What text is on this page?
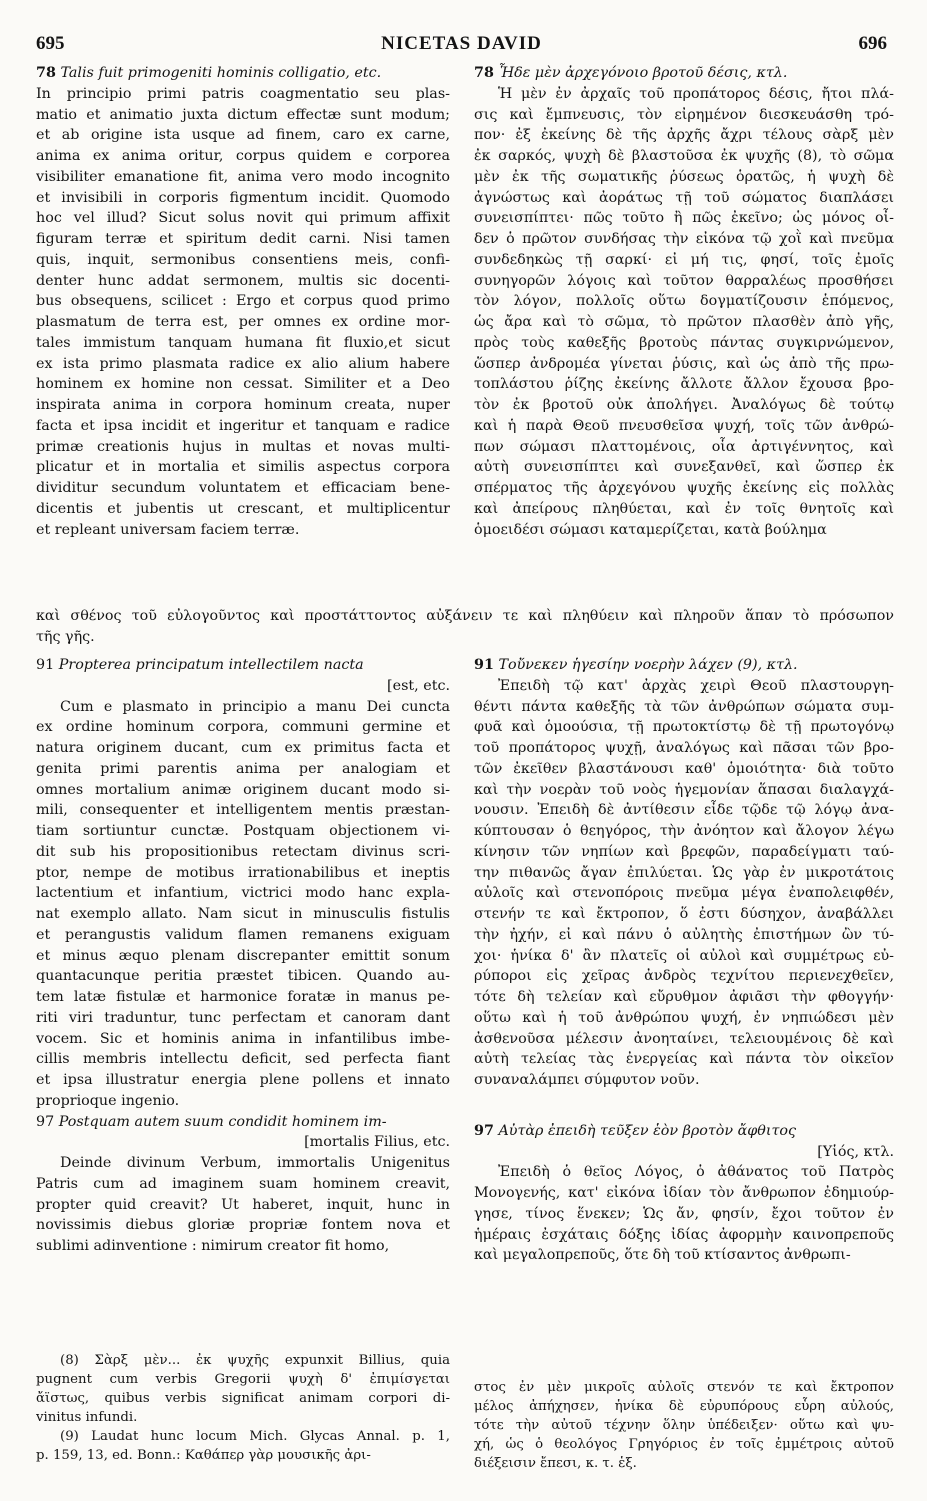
695	NICETAS DAVID	696
78 Talis fuit primogeniti hominis colligatio, etc.
In principio primi patris coagmentatio seu plas-
matio et animatio juxta dictum effectæ sunt modum;
et ab origine ista usque ad finem, caro ex carne,
anima ex anima oritur, corpus quidem e corporea
visibiliter emanatione fit, anima vero modo incognito
et invisibili in corporis figmentum incidit. Quomodo
hoc vel illud? Sicut solus novit qui primum affixit
figuram terræ et spiritum dedit carni. Nisi tamen
quis, inquit, sermonibus consentiens meis, confi-
denter hunc addat sermonem, multis sic docenti-
bus obsequens, scilicet : Ergo et corpus quod primo
plasmatum de terra est, per omnes ex ordine mor-
tales immistum tanquam humana fit fluxio,et sicut
ex ista primo plasmata radice ex alio alium habere
hominem ex homine non cessat. Similiter et a Deo
inspirata anima in corpora hominum creata, nuper
facta et ipsa incidit et ingeritur et tanquam e radice
primæ creationis hujus in multas et novas multi-
plicatur et in mortalia et similis aspectus corpora
dividitur secundum voluntatem et efficaciam bene-
dicentis et jubentis ut crescant, et multiplicentur
et repleant universam faciem terræ.
78 Ἧδε μὲν ἀρχεγόνοιο βροτοῦ δέσις, κτλ.
Ἡ μὲν ἐν ἀρχαῖς τοῦ προπάτορος δέσις, ἤτοι πλά-
σις καὶ ἔμπνευσις, τὸν εἰρημένον διεσκευάσθη τρό-
πον· ἐξ ἐκείνης δὲ τῆς ἀρχῆς ἄχρι τέλους σὰρξ μὲν
ἐκ σαρκός, ψυχὴ δὲ βλαστοῦσα ἐκ ψυχῆς (8), τὸ σῶμα
μὲν ἐκ τῆς σωματικῆς ῥύσεως ὁρατῶς, ἡ ψυχὴ δὲ
ἀγνώστως καὶ ἀοράτως τῇ τοῦ σώματος διαπλάσει
συνεισπίπτει· πῶς τοῦτο ἢ πῶς ἐκεῖνο; ὡς μόνος οἶ-
δεν ὁ πρῶτον συνδήσας τὴν εἰκόνα τῷ χοῒ καὶ πνεῦμα
συνδεδηκὼς τῇ σαρκί· εἰ μή τις, φησί, τοῖς ἐμοῖς
συνηγορῶν λόγοις καὶ τοῦτον θαρραλέως προσθήσει
τὸν λόγον, πολλοῖς οὕτω δογματίζουσιν ἑπόμενος,
ὡς ἄρα καὶ τὸ σῶμα, τὸ πρῶτον πλασθὲν ἀπὸ γῆς,
πρὸς τοὺς καθεξῆς βροτοὺς πάντας συγκιρνώμενον,
ὥσπερ ἀνδρομέα γίνεται ῥύσις, καὶ ὡς ἀπὸ τῆς πρω-
τοπλάστου ῥίζης ἐκείνης ἄλλοτε ἄλλον ἔχουσα βρο-
τὸν ἐκ βροτοῦ οὐκ ἀπολήγει. Ἀναλόγως δὲ τούτῳ
καὶ ἡ παρὰ Θεοῦ πνευσθεῖσα ψυχή, τοῖς τῶν ἀνθρώ-
πων σώμασι πλαττομένοις, οἷα ἀρτιγέννητος, καὶ
αὐτὴ συνεισπίπτει καὶ συνεξανθεῖ, καὶ ὥσπερ ἐκ
σπέρματος τῆς ἀρχεγόνου ψυχῆς ἐκείνης εἰς πολλὰς
καὶ ἀπείρους πληθύεται, καὶ ἐν τοῖς θνητοῖς καὶ
ὁμοειδέσι σώμασι καταμερίζεται, κατὰ βούλημα
καὶ σθένος τοῦ εὐλογοῦντος καὶ προστάττοντος αὐξάνειν τε καὶ πληθύειν καὶ πληροῦν ἅπαν τὸ πρόσωπον
τῆς γῆς.
91 Propterea principatum intellectilem nacta
[est, etc.
Cum e plasmato in principio a manu Dei cuncta
ex ordine hominum corpora, communi germine et
natura originem ducant, cum ex primitus facta et
genita primi parentis anima per analogiam et
omnes mortalium animæ originem ducant modo si-
mili, consequenter et intelligentem mentis præstan-
tiam sortiuntur cunctæ. Postquam objectionem vi-
dit sub his propositionibus retectam divinus scri-
ptor, nempe de motibus irrationabilibus et ineptis
lactentium et infantium, victrici modo hanc expla-
nat exemplo allato. Nam sicut in minusculis fistulis
et perangustis validum flamen remanens exiguam
et minus æquo plenam discrepanter emittit sonum
quantacunque peritia præstet tibicen. Quando au-
tem latæ fistulæ et harmonice foratæ in manus pe-
riti viri traduntur, tunc perfectam et canoram dant
vocem. Sic et hominis anima in infantilibus imbe-
cillis membris intellectu deficit, sed perfecta fiant
et ipsa illustratur energia plene pollens et innato
proprioque ingenio.
97 Postquam autem suum condidit hominem im-
[mortalis Filius, etc.
Deinde divinum Verbum, immortalis Unigenitus
Patris cum ad imaginem suam hominem creavit,
propter quid creavit? Ut haberet, inquit, hunc in
novissimis diebus gloriæ propriæ fontem nova et
sublimi adinventione : nimirum creator fit homo,
91 Τοὔνεκεν ἡγεσίην νοερὴν λάχεν (9), κτλ.
Ἐπειδὴ τῷ κατ' ἀρχὰς χειρὶ Θεοῦ πλαστουργη-
θέντι πάντα καθεξῆς τὰ τῶν ἀνθρώπων σώματα συμ-
φυᾶ καὶ ὁμοούσια, τῇ πρωτοκτίστῳ δὲ τῇ πρωτογόνῳ
τοῦ προπάτορος ψυχῇ, ἀναλόγως καὶ πᾶσαι τῶν βρο-
τῶν ἐκεῖθεν βλαστάνουσι καθ' ὁμοιότητα· διὰ τοῦτο
καὶ τὴν νοερὰν τοῦ νοὸς ἡγεμονίαν ἅπασαι διαλαγχά-
νουσιν. Ἐπειδὴ δὲ ἀντίθεσιν εἶδε τῷδε τῷ λόγῳ ἀνα-
κύπτουσαν ὁ θεηγόρος, τὴν ἀνόητον καὶ ἄλογον λέγω
κίνησιν τῶν νηπίων καὶ βρεφῶν, παραδείγματι ταύ-
την πιθανῶς ἄγαν ἐπιλύεται. Ὡς γὰρ ἐν μικροτάτοις
αὐλοῖς καὶ στενοπόροις πνεῦμα μέγα ἐναπολειφθέν,
στενήν τε καὶ ἔκτροπον, ὅ ἐστι δύσηχον, ἀναβάλλει
τὴν ἠχήν, εἰ καὶ πάνυ ὁ αὐλητὴς ἐπιστήμων ὢν τύ-
χοι· ἡνίκα δ' ἂν πλατεῖς οἱ αὐλοὶ καὶ συμμέτρως εὐ-
ρύποροι εἰς χεῖρας ἀνδρὸς τεχνίτου περιενεχθεῖεν,
τότε δὴ τελείαν καὶ εὔρυθμον ἀφιᾶσι τὴν φθογγήν·
οὕτω καὶ ἡ τοῦ ἀνθρώπου ψυχή, ἐν νηπιώδεσι μὲν
ἀσθενοῦσα μέλεσιν ἀνοηταίνει, τελειουμένοις δὲ καὶ
αὐτὴ τελείας τὰς ἐνεργείας καὶ πάντα τὸν οἰκεῖον
συναναλάμπει σύμφυτον νοῦν.
97 Αὐτὰρ ἐπειδὴ τεῦξεν ἑὸν βροτὸν ἄφθιτος
[Υἱός, κτλ.
Ἐπειδὴ ὁ θεῖος Λόγος, ὁ ἀθάνατος τοῦ Πατρὸς
Μονογενής, κατ' εἰκόνα ἰδίαν τὸν ἄνθρωπον ἐδημιούρ-
γησε, τίνος ἕνεκεν; Ὡς ἄν, φησίν, ἔχοι τοῦτον ἐν
ἡμέραις ἐσχάταις δόξης ἰδίας ἀφορμὴν καινοπρεποῦς
καὶ μεγαλοπρεποῦς, ὅτε δὴ τοῦ κτίσαντος ἀνθρωπι-
(8) Σὰρξ μὲν... ἐκ ψυχῆς expunxit Billius, quia
pugnent cum verbis Gregorii ψυχὴ δ' ἐπιμίσγεται
ἄϊστως, quibus verbis significat animam corpori di-
vinitus infundi.
(9) Laudat hunc locum Mich. Glycas Annal. p. 1,
p. 159, 13, ed. Bonn.: Καθάπερ γὰρ μουσικῆς ἀρι-
στος ἐν μὲν μικροῖς αὐλοῖς στενόν τε καὶ ἔκτροπον
μέλος ἀπήχησεν, ἡνίκα δὲ εὐρυπόρους εὗρη αὐλούς,
τότε τὴν αὐτοῦ τέχνην ὅλην ὑπέδειξεν· οὕτω καὶ ψυ-
χή, ὡς ὁ θεολόγος Γρηγόριος ἐν τοῖς ἐμμέτροις αὐτοῦ
διέξεισιν ἔπεσι, κ. τ. ἑξ.
